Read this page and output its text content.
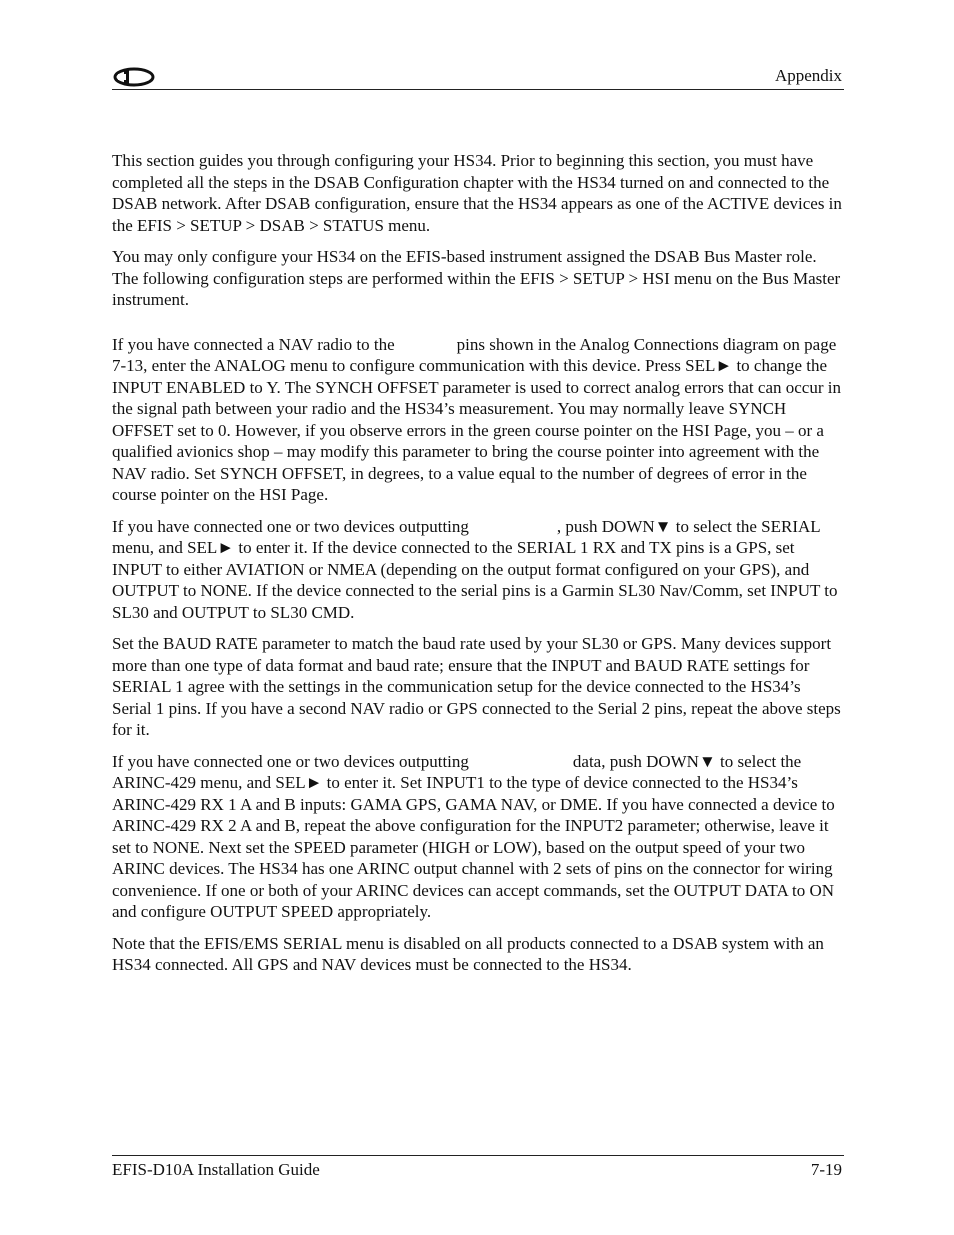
Appendix

This section guides you through configuring your HS34. Prior to beginning this section, you must have completed all the steps in the DSAB Configuration chapter with the HS34 turned on and connected to the DSAB network. After DSAB configuration, ensure that the HS34 appears as one of the ACTIVE devices in the EFIS > SETUP > DSAB > STATUS menu.

You may only configure your HS34 on the EFIS-based instrument assigned the DSAB Bus Master role. The following configuration steps are performed within the EFIS > SETUP > HSI menu on the Bus Master instrument.

If you have connected a NAV radio to the	pins shown in the Analog Connections diagram on page 7-13, enter the ANALOG menu to configure communication with this device. Press SEL► to change the INPUT ENABLED to Y. The SYNCH OFFSET parameter is used to correct analog errors that can occur in the signal path between your radio and the HS34’s measurement. You may normally leave SYNCH OFFSET set to 0. However, if you observe errors in the green course pointer on the HSI Page, you – or a qualified avionics shop – may modify this parameter to bring the course pointer into agreement with the NAV radio. Set SYNCH OFFSET, in degrees, to a value equal to the number of degrees of error in the course pointer on the HSI Page.

If you have connected one or two devices outputting	, push DOWN▼ to select the SERIAL menu, and SEL► to enter it. If the device connected to the SERIAL 1 RX and TX pins is a GPS, set INPUT to either AVIATION or NMEA (depending on the output format configured on your GPS), and OUTPUT to NONE. If the device connected to the serial pins is a Garmin SL30 Nav/Comm, set INPUT to SL30 and OUTPUT to SL30 CMD.

Set the BAUD RATE parameter to match the baud rate used by your SL30 or GPS. Many devices support more than one type of data format and baud rate; ensure that the INPUT and BAUD RATE settings for SERIAL 1 agree with the settings in the communication setup for the device connected to the HS34’s Serial 1 pins. If you have a second NAV radio or GPS connected to the Serial 2 pins, repeat the above steps for it.

If you have connected one or two devices outputting	data, push DOWN▼ to select the ARINC-429 menu, and SEL► to enter it. Set INPUT1 to the type of device connected to the HS34’s ARINC-429 RX 1 A and B inputs: GAMA GPS, GAMA NAV, or DME. If you have connected a device to ARINC-429 RX 2 A and B, repeat the above configuration for the INPUT2 parameter; otherwise, leave it set to NONE. Next set the SPEED parameter (HIGH or LOW), based on the output speed of your two ARINC devices. The HS34 has one ARINC output channel with 2 sets of pins on the connector for wiring convenience. If one or both of your ARINC devices can accept commands, set the OUTPUT DATA to ON and configure OUTPUT SPEED appropriately.

Note that the EFIS/EMS SERIAL menu is disabled on all products connected to a DSAB system with an HS34 connected. All GPS and NAV devices must be connected to the HS34.

EFIS-D10A Installation Guide	7-19
